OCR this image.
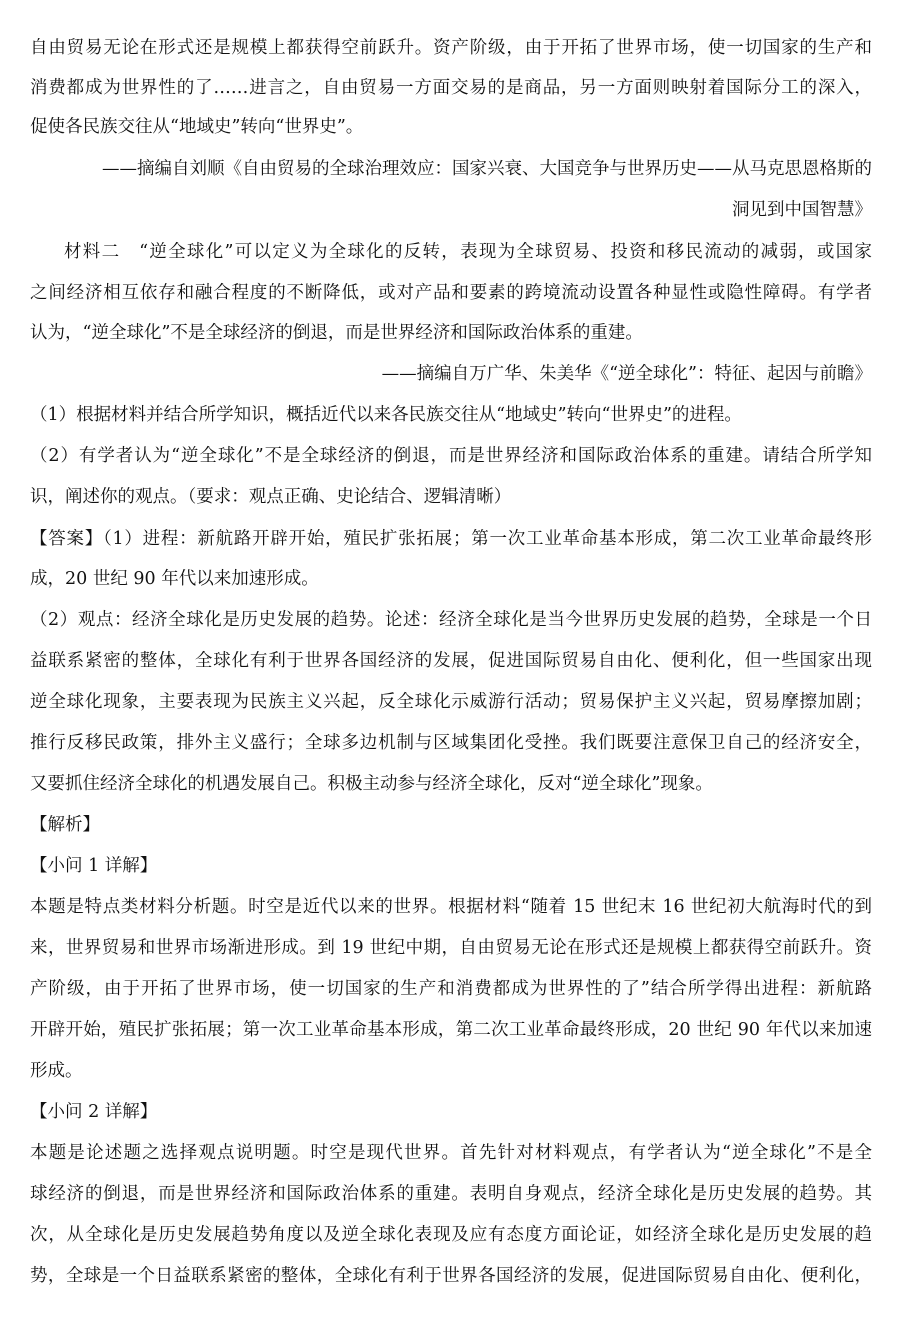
自由贸易无论在形式还是规模上都获得空前跃升。资产阶级，由于开拓了世界市场，使一切国家的生产和
消费都成为世界性的了……进言之，自由贸易一方面交易的是商品，另一方面则映射着国际分工的深入，
促使各民族交往从“地域史”转向“世界史”。
——摘编自刘顺《自由贸易的全球治理效应：国家兴衰、大国竞争与世界历史——从马克思恩格斯的
洞见到中国智慧》
材料二　“逆全球化”可以定义为全球化的反转，表现为全球贸易、投资和移民流动的减弱，或国家
之间经济相互依存和融合程度的不断降低，或对产品和要素的跨境流动设置各种显性或隐性障碍。有学者
认为，“逆全球化”不是全球经济的倒退，而是世界经济和国际政治体系的重建。
——摘编自万广华、朱美华《“逆全球化”：特征、起因与前瞻》
（1）根据材料并结合所学知识，概括近代以来各民族交往从“地域史”转向“世界史”的进程。
（2）有学者认为“逆全球化”不是全球经济的倒退，而是世界经济和国际政治体系的重建。请结合所学知
识，阐述你的观点。（要求：观点正确、史论结合、逻辑清晰）
【答案】（1）进程：新航路开辟开始，殖民扩张拓展；第一次工业革命基本形成，第二次工业革命最终形
成，20 世纪 90 年代以来加速形成。
（2）观点：经济全球化是历史发展的趋势。论述：经济全球化是当今世界历史发展的趋势，全球是一个日
益联系紧密的整体，全球化有利于世界各国经济的发展，促进国际贸易自由化、便利化，但一些国家出现
逆全球化现象，主要表现为民族主义兴起，反全球化示威游行活动；贸易保护主义兴起，贸易摩擦加剧；
推行反移民政策，排外主义盛行；全球多边机制与区域集团化受挫。我们既要注意保卫自己的经济安全，
又要抓住经济全球化的机遇发展自己。积极主动参与经济全球化，反对“逆全球化”现象。
【解析】
【小问 1 详解】
本题是特点类材料分析题。时空是近代以来的世界。根据材料“随着 15 世纪末 16 世纪初大航海时代的到
来，世界贸易和世界市场渐进形成。到 19 世纪中期，自由贸易无论在形式还是规模上都获得空前跃升。资
产阶级，由于开拓了世界市场，使一切国家的生产和消费都成为世界性的了”结合所学得出进程：新航路
开辟开始，殖民扩张拓展；第一次工业革命基本形成，第二次工业革命最终形成，20 世纪 90 年代以来加速
形成。
【小问 2 详解】
本题是论述题之选择观点说明题。时空是现代世界。首先针对材料观点，有学者认为“逆全球化”不是全
球经济的倒退，而是世界经济和国际政治体系的重建。表明自身观点，经济全球化是历史发展的趋势。其
次，从全球化是历史发展趋势角度以及逆全球化表现及应有态度方面论证，如经济全球化是历史发展的趋
势，全球是一个日益联系紧密的整体，全球化有利于世界各国经济的发展，促进国际贸易自由化、便利化，
